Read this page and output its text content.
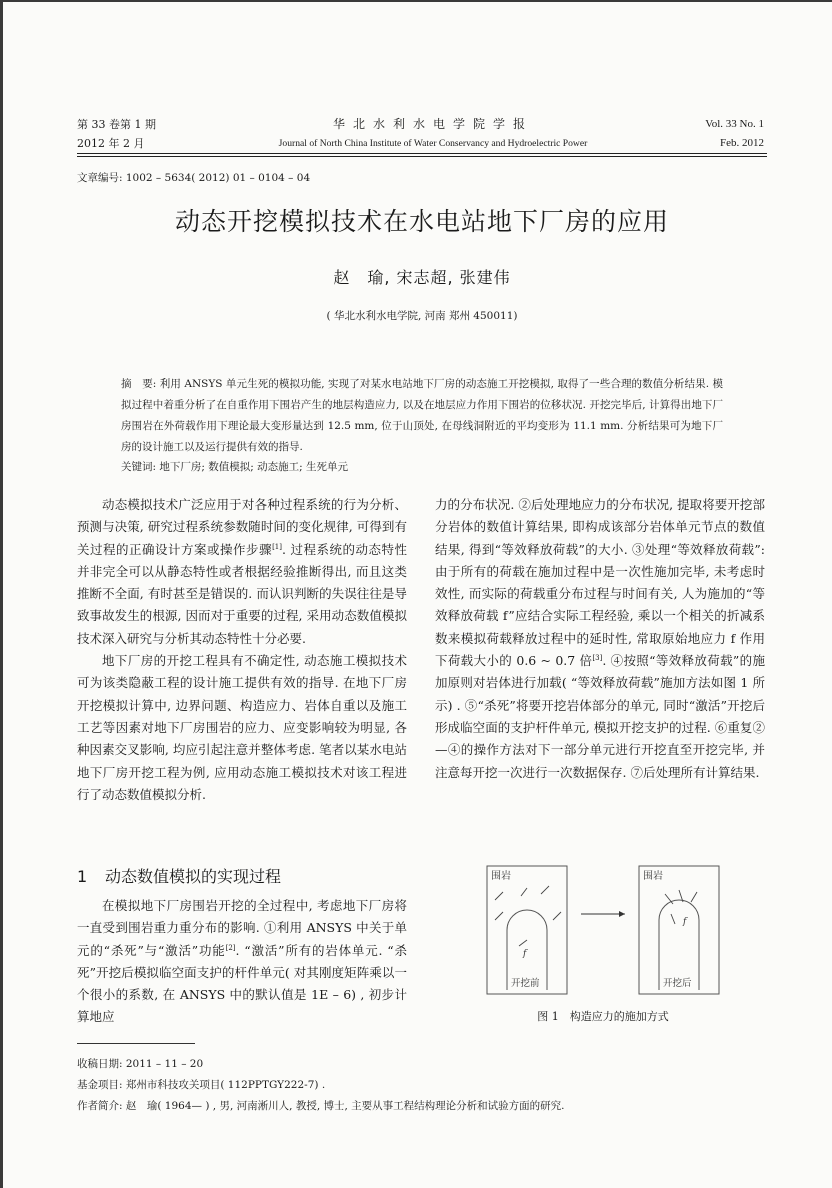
第 33 卷第 1 期
2012 年 2 月
华北水利水电学院学报
Journal of North China Institute of Water Conservancy and Hydroelectric Power
Vol. 33 No. 1
Feb. 2012
文章编号: 1002 – 5634( 2012) 01 – 0104 – 04
动态开挖模拟技术在水电站地下厂房的应用
赵　瑜, 宋志超, 张建伟
( 华北水利水电学院, 河南 郑州 450011)
摘　要: 利用 ANSYS 单元生死的模拟功能, 实现了对某水电站地下厂房的动态施工开挖模拟, 取得了一些合理的数值分析结果. 模拟过程中着重分析了在自重作用下围岩产生的地层构造应力, 以及在地层应力作用下围岩的位移状况. 开挖完毕后, 计算得出地下厂房围岩在外荷载作用下理论最大变形量达到 12.5 mm, 位于山顶处, 在母线洞附近的平均变形为 11.1 mm. 分析结果可为地下厂房的设计施工以及运行提供有效的指导.
关键词: 地下厂房; 数值模拟; 动态施工; 生死单元

动态模拟技术广泛应用于对各种过程系统的行为分析、预测与决策, 研究过程系统参数随时间的变化规律, 可得到有关过程的正确设计方案或操作步骤[1]. 过程系统的动态特性并非完全可以从静态特性或者根据经验推断得出, 而且这类推断不全面, 有时甚至是错误的. 而认识判断的失误往往是导致事故发生的根源, 因而对于重要的过程, 采用动态数值模拟技术深入研究与分析其动态特性十分必要.

地下厂房的开挖工程具有不确定性, 动态施工模拟技术可为该类隐蔽工程的设计施工提供有效的指导. 在地下厂房开挖模拟计算中, 边界问题、构造应力、岩体自重以及施工工艺等因素对地下厂房围岩的应力、应变影响较为明显, 各种因素交叉影响, 均应引起注意并整体考虑. 笔者以某水电站地下厂房开挖工程为例, 应用动态施工模拟技术对该工程进行了动态数值模拟分析.

1 动态数值模拟的实现过程

在模拟地下厂房围岩开挖的全过程中, 考虑地下厂房将一直受到围岩重力重分布的影响. ①利用 ANSYS 中关于单元的“杀死”与“激活”功能[2]. “激活”所有的岩体单元. “杀死”开挖后模拟临空面支护的杆件单元( 对其刚度矩阵乘以一个很小的系数, 在 ANSYS 中的默认值是 1E – 6) , 初步计算地应

力的分布状况. ②后处理地应力的分布状况, 提取将要开挖部分岩体的数值计算结果, 即构成该部分岩体单元节点的数值结果, 得到“等效释放荷载”的大小. ③处理“等效释放荷载”: 由于所有的荷载在施加过程中是一次性施加完毕, 未考虑时效性, 而实际的荷载重分布过程与时间有关, 人为施加的“等效释放荷载 f”应结合实际工程经验, 乘以一个相关的折减系数来模拟荷载释放过程中的延时性, 常取原始地应力 f 作用下荷载大小的 0.6 ~ 0.7 倍[3]. ④按照“等效释放荷载”的施加原则对岩体进行加载( “等效释放荷载”施加方法如图 1 所示) . ⑤“杀死”将要开挖岩体部分的单元, 同时“激活”开挖后形成临空面的支护杆件单元, 模拟开挖支护的过程. ⑥重复②—④的操作方法对下一部分单元进行开挖直至开挖完毕, 并注意每开挖一次进行一次数据保存. ⑦后处理所有计算结果.

围岩
开挖前
f
围岩
开挖后
f
图 1　 构造应力的施加方式
收稿日期: 2011 – 11 – 20
基金项目: 郑州市科技攻关项目( 112PPTGY222-7) .
作者简介: 赵　瑜( 1964— ) , 男, 河南淅川人, 教授, 博士, 主要从事工程结构理论分析和试验方面的研究.
